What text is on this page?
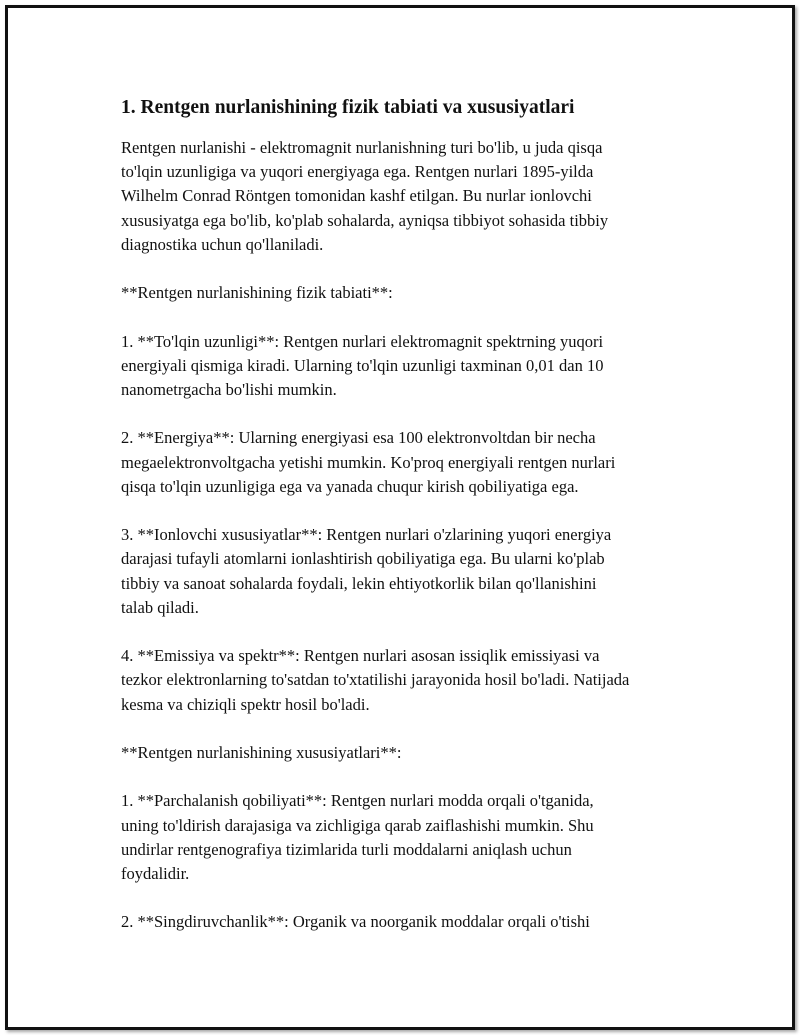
1. Rentgen nurlanishining fizik tabiati va xususiyatlari
Rentgen nurlanishi - elektromagnit nurlanishning turi bo'lib, u juda qisqa
to'lqin uzunligiga va yuqori energiyaga ega. Rentgen nurlari 1895-yilda
Wilhelm Conrad Röntgen tomonidan kashf etilgan. Bu nurlar ionlovchi
xususiyatga ega bo'lib, ko'plab sohalarda, ayniqsa tibbiyot sohasida tibbiy
diagnostika uchun qo'llaniladi.
**Rentgen nurlanishining fizik tabiati**:
1. **To'lqin uzunligi**: Rentgen nurlari elektromagnit spektrning yuqori
energiyali qismiga kiradi. Ularning to'lqin uzunligi taxminan 0,01 dan 10
nanometrgacha bo'lishi mumkin.
2. **Energiya**: Ularning energiyasi esa 100 elektronvoltdan bir necha
megaelektronvoltgacha yetishi mumkin. Ko'proq energiyali rentgen nurlari
qisqa to'lqin uzunligiga ega va yanada chuqur kirish qobiliyatiga ega.
3. **Ionlovchi xususiyatlar**: Rentgen nurlari o'zlarining yuqori energiya
darajasi tufayli atomlarni ionlashtirish qobiliyatiga ega. Bu ularni ko'plab
tibbiy va sanoat sohalarda foydali, lekin ehtiyotkorlik bilan qo'llanishini
talab qiladi.
4. **Emissiya va spektr**: Rentgen nurlari asosan issiqlik emissiyasi va
tezkor elektronlarning to'satdan to'xtatilishi jarayonida hosil bo'ladi. Natijada
kesma va chiziqli spektr hosil bo'ladi.
**Rentgen nurlanishining xususiyatlari**:
1. **Parchalanish qobiliyati**: Rentgen nurlari modda orqali o'tganida,
uning to'ldirish darajasiga va zichligiga qarab zaiflashishi mumkin. Shu
undirlar rentgenografiya tizimlarida turli moddalarni aniqlash uchun
foydalidir.
2. **Singdiruvchanlik**: Organik va noorganik moddalar orqali o'tishi
